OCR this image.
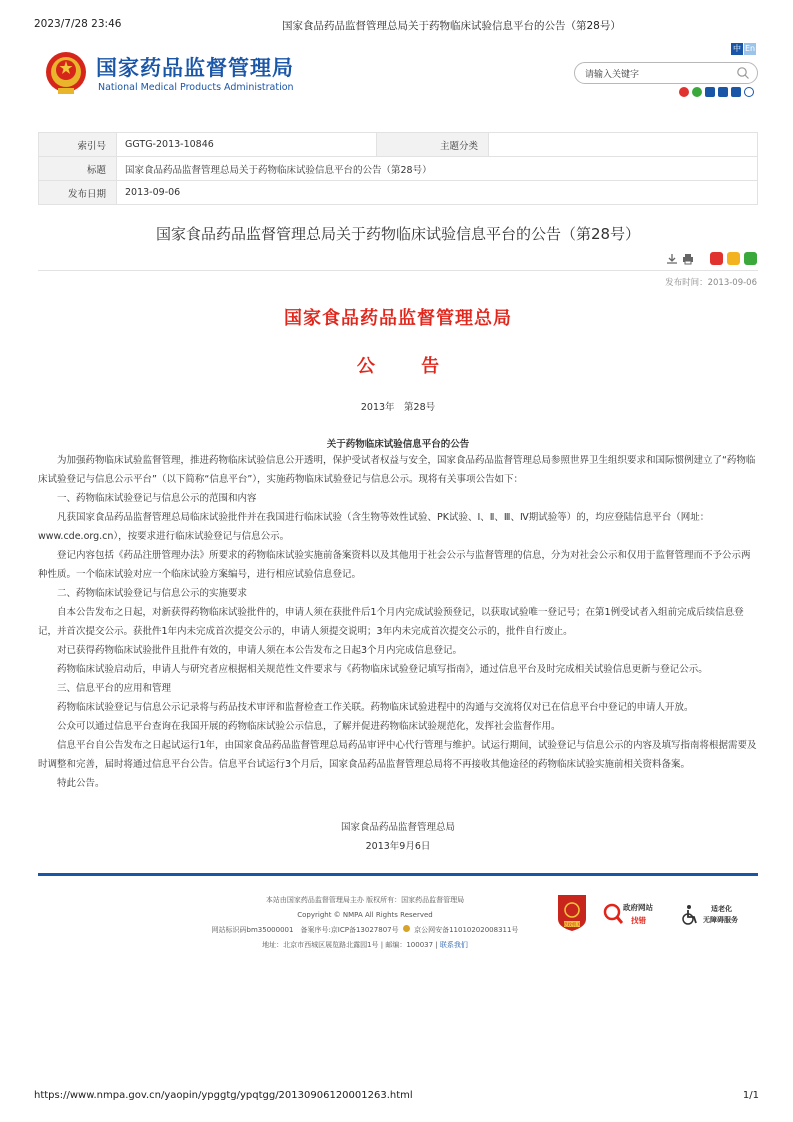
2023/7/28 23:46	国家食品药品监督管理总局关于药物临床试验信息平台的公告（第28号）
国家药品监督管理局
National Medical Products Administration
中 En
请输入关键字
索引号	GGTG-2013-10846	主题分类	
标题	国家食品药品监督管理总局关于药物临床试验信息平台的公告（第28号）		
发布日期	2013-09-06		
国家食品药品监督管理总局关于药物临床试验信息平台的公告（第28号）
发布时间：2013-09-06
国家食品药品监督管理总局
公	告
2013年　第28号
关于药物临床试验信息平台的公告

为加强药物临床试验监督管理，推进药物临床试验信息公开透明，保护受试者权益与安全，国家食品药品监督管理总局参照世界卫生组织要求和国际惯例建立了“药物临床试验登记与信息公示平台”（以下简称“信息平台”），实施药物临床试验登记与信息公示。现将有关事项公告如下：

一、药物临床试验登记与信息公示的范围和内容

凡获国家食品药品监督管理总局临床试验批件并在我国进行临床试验（含生物等效性试验、PK试验、Ⅰ、Ⅱ、Ⅲ、Ⅳ期试验等）的，均应登陆信息平台（网址：www.cde.org.cn），按要求进行临床试验登记与信息公示。

登记内容包括《药品注册管理办法》所要求的药物临床试验实施前备案资料以及其他用于社会公示与监督管理的信息，分为对社会公示和仅用于监督管理而不予公示两种性质。一个临床试验对应一个临床试验方案编号，进行相应试验信息登记。

二、药物临床试验登记与信息公示的实施要求

自本公告发布之日起，对新获得药物临床试验批件的，申请人须在获批件后1个月内完成试验预登记，以获取试验唯一登记号；在第1例受试者入组前完成后续信息登记，并首次提交公示。获批件1年内未完成首次提交公示的，申请人须提交说明；3年内未完成首次提交公示的，批件自行废止。

对已获得药物临床试验批件且批件有效的，申请人须在本公告发布之日起3个月内完成信息登记。

药物临床试验启动后，申请人与研究者应根据相关规范性文件要求与《药物临床试验登记填写指南》，通过信息平台及时完成相关试验信息更新与登记公示。

三、信息平台的应用和管理

药物临床试验登记与信息公示记录将与药品技术审评和监督检查工作关联。药物临床试验进程中的沟通与交流将仅对已在信息平台中登记的申请人开放。

公众可以通过信息平台查询在我国开展的药物临床试验公示信息，了解并促进药物临床试验规范化，发挥社会监督作用。

信息平台自公告发布之日起试运行1年，由国家食品药品监督管理总局药品审评中心代行管理与维护。试运行期间，试验登记与信息公示的内容及填写指南将根据需要及时调整和完善，届时将通过信息平台公告。信息平台试运行3个月后，国家食品药品监督管理总局将不再接收其他途径的药物临床试验实施前相关资料备案。

特此公告。

国家食品药品监督管理总局
2013年9月6日
本站由国家药品监督管理局主办 版权所有：国家药品监督管理局
Copyright © NMPA All Rights Reserved
网站标识码bm35000001　备案序号:京ICP备13027807号 京公网安备11010202008311号
地址：北京市西城区展览路北露园1号 | 邮编：100037 | 联系我们
党政机关
政府网站
找错
适老化
无障碍服务
https://www.nmpa.gov.cn/yaopin/ypggtg/ypqtgg/20130906120001263.html	1/1
